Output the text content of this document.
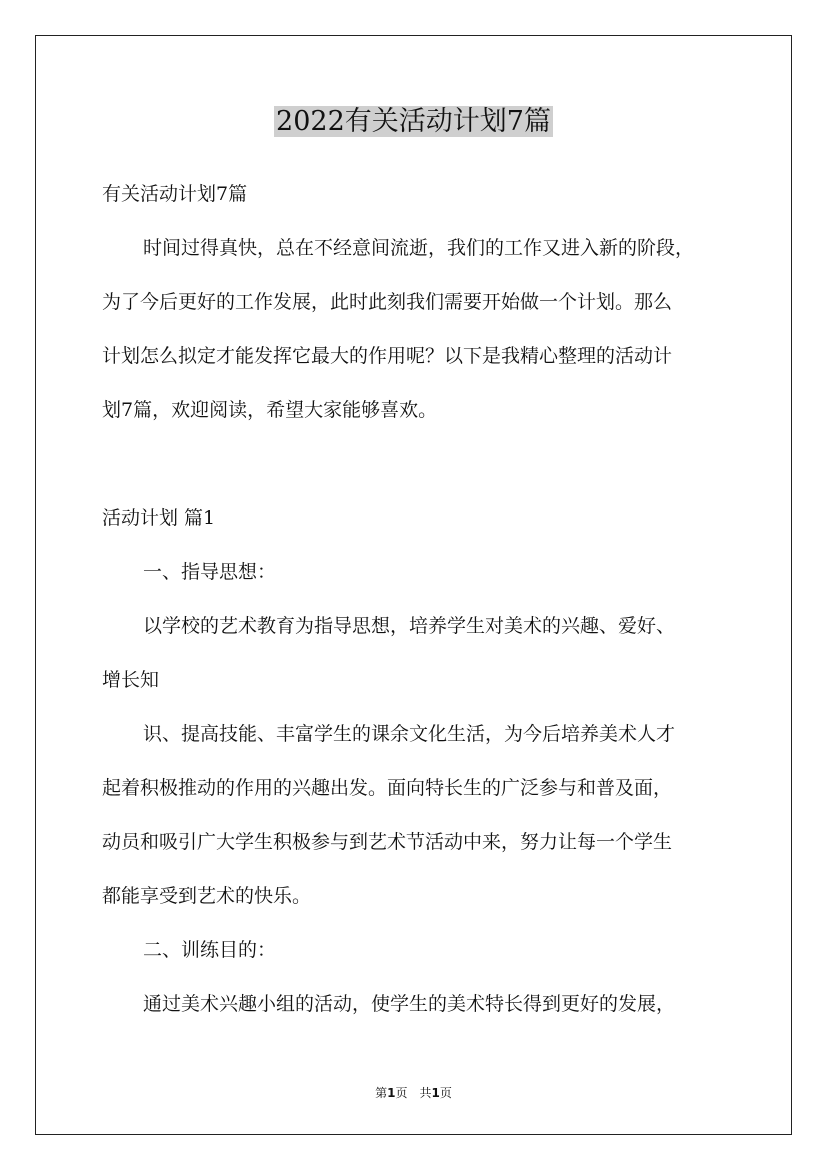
2022有关活动计划7篇
有关活动计划7篇
时间过得真快，总在不经意间流逝，我们的工作又进入新的阶段，
为了今后更好的工作发展，此时此刻我们需要开始做一个计划。那么
计划怎么拟定才能发挥它最大的作用呢？以下是我精心整理的活动计
划7篇，欢迎阅读，希望大家能够喜欢。
活动计划 篇1
一、指导思想：
以学校的艺术教育为指导思想，培养学生对美术的兴趣、爱好、
增长知
识、提高技能、丰富学生的课余文化生活，为今后培养美术人才
起着积极推动的作用的兴趣出发。面向特长生的广泛参与和普及面，
动员和吸引广大学生积极参与到艺术节活动中来，努力让每一个学生
都能享受到艺术的快乐。
二、训练目的：
通过美术兴趣小组的活动，使学生的美术特长得到更好的发展，
第1页　共1页
